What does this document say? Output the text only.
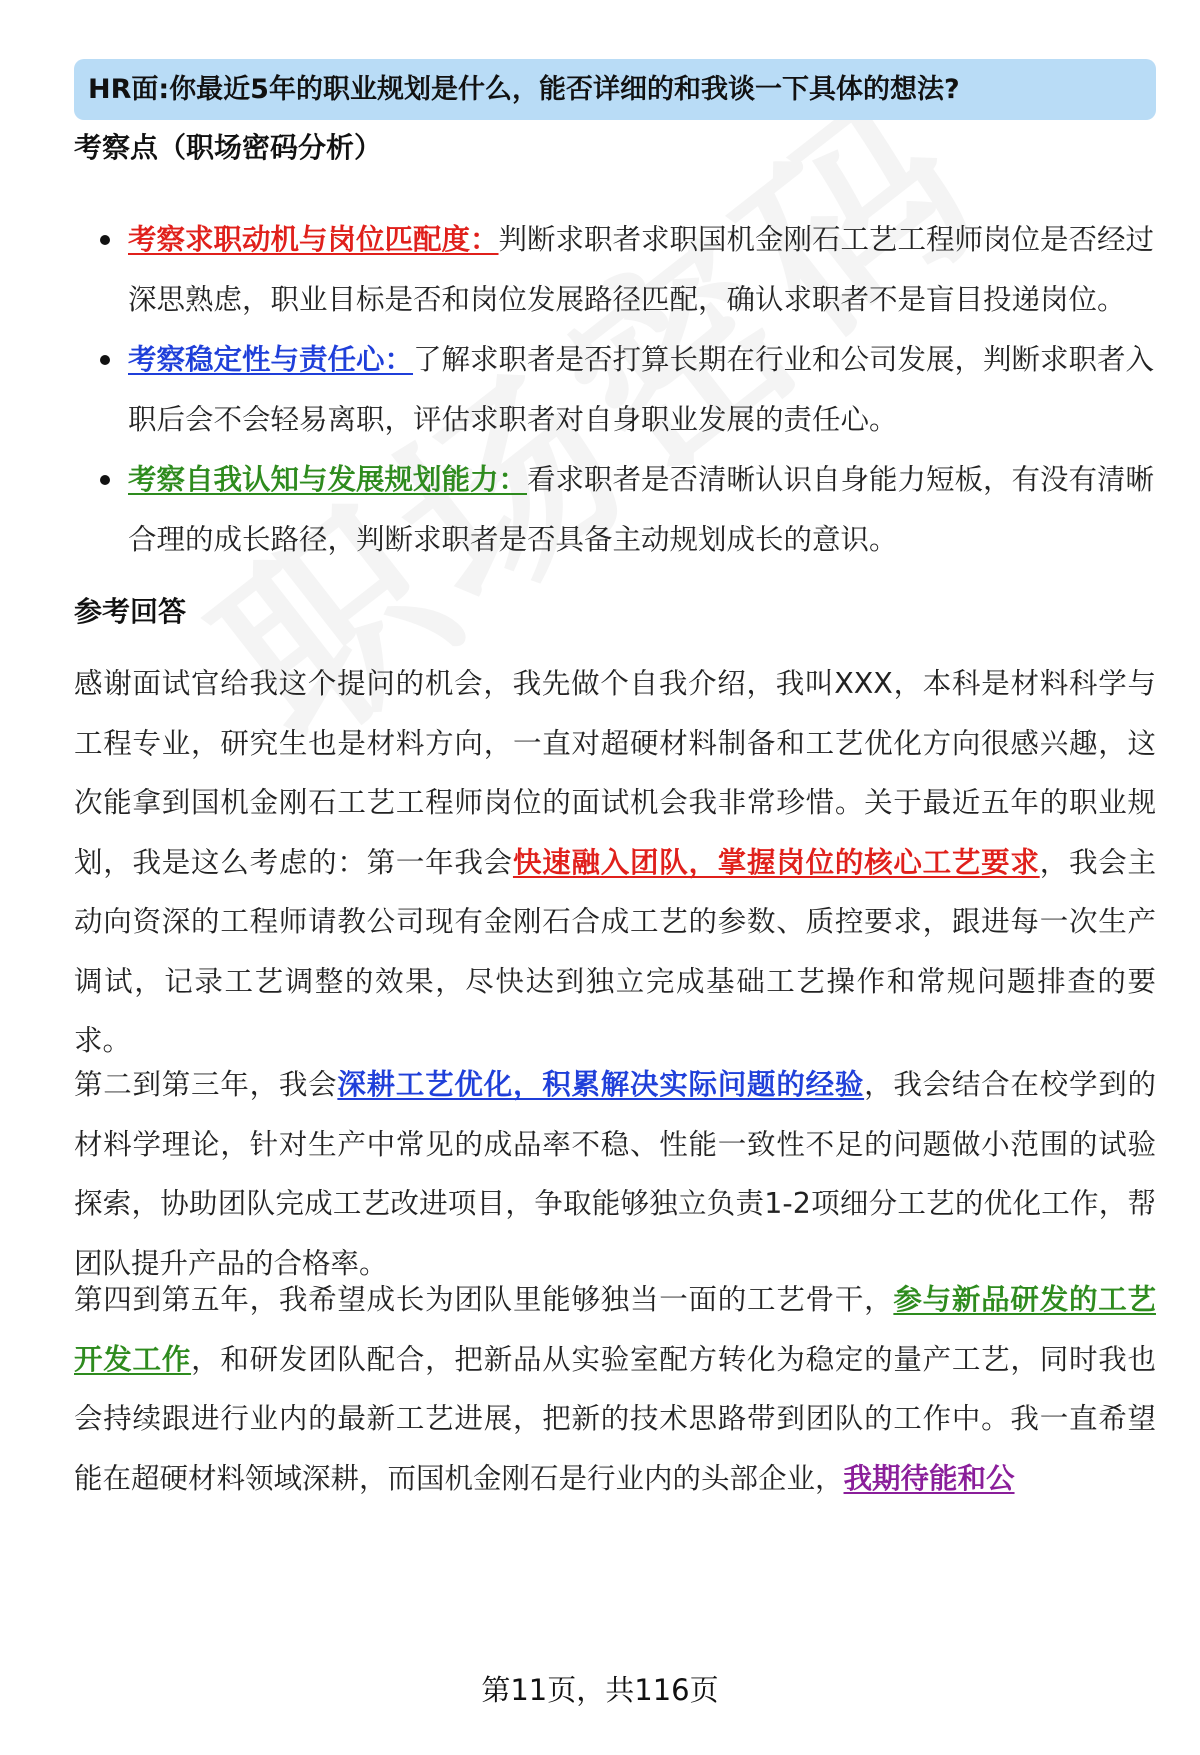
HR面:你最近5年的职业规划是什么，能否详细的和我谈一下具体的想法?
考察点（职场密码分析）
考察求职动机与岗位匹配度：判断求职者求职国机金刚石工艺工程师岗位是否经过深思熟虑，职业目标是否和岗位发展路径匹配，确认求职者不是盲目投递岗位。
考察稳定性与责任心：了解求职者是否打算长期在行业和公司发展，判断求职者入职后会不会轻易离职，评估求职者对自身职业发展的责任心。
考察自我认知与发展规划能力：看求职者是否清晰认识自身能力短板，有没有清晰合理的成长路径，判断求职者是否具备主动规划成长的意识。
参考回答
感谢面试官给我这个提问的机会，我先做个自我介绍，我叫XXX，本科是材料科学与工程专业，研究生也是材料方向，一直对超硬材料制备和工艺优化方向很感兴趣，这次能拿到国机金刚石工艺工程师岗位的面试机会我非常珍惜。关于最近五年的职业规划，我是这么考虑的：第一年我会快速融入团队，掌握岗位的核心工艺要求，我会主动向资深的工程师请教公司现有金刚石合成工艺的参数、质控要求，跟进每一次生产调试，记录工艺调整的效果，尽快达到独立完成基础工艺操作和常规问题排查的要求。
第二到第三年，我会深耕工艺优化，积累解决实际问题的经验，我会结合在校学到的材料学理论，针对生产中常见的成品率不稳、性能一致性不足的问题做小范围的试验探索，协助团队完成工艺改进项目，争取能够独立负责1-2项细分工艺的优化工作，帮团队提升产品的合格率。
第四到第五年，我希望成长为团队里能够独当一面的工艺骨干，参与新品研发的工艺开发工作，和研发团队配合，把新品从实验室配方转化为稳定的量产工艺，同时我也会持续跟进行业内的最新工艺进展，把新的技术思路带到团队的工作中。我一直希望能在超硬材料领域深耕，而国机金刚石是行业内的头部企业，我期待能和公
第11页，共116页
